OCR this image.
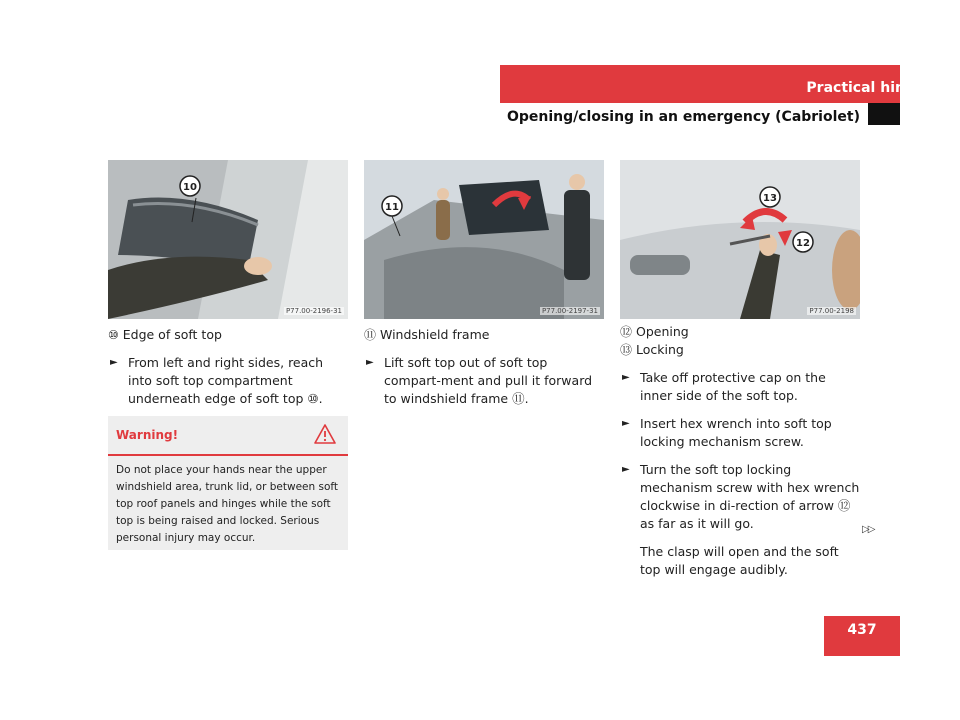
Practical hints
Opening/closing in an emergency (Cabriolet)
10
P77.00-2196-31
11
P77.00-2197-31
13
12
P77.00-2198
⑩ Edge of soft top
► From left and right sides, reach into soft top compartment underneath edge of soft top ⑩.
Warning!
Do not place your hands near the upper windshield area, trunk lid, or between soft top roof panels and hinges while the soft top is being raised and locked. Serious personal injury may occur.
⑪ Windshield frame
► Lift soft top out of soft top compart-ment and pull it forward to windshield frame ⑪.
⑫ Opening
⑬ Locking
► Take off protective cap on the inner side of the soft top.
► Insert hex wrench into soft top locking mechanism screw.
► Turn the soft top locking mechanism screw with hex wrench clockwise in di-rection of arrow ⑫ as far as it will go.
The clasp will open and the soft top will engage audibly.
▷▷
437
